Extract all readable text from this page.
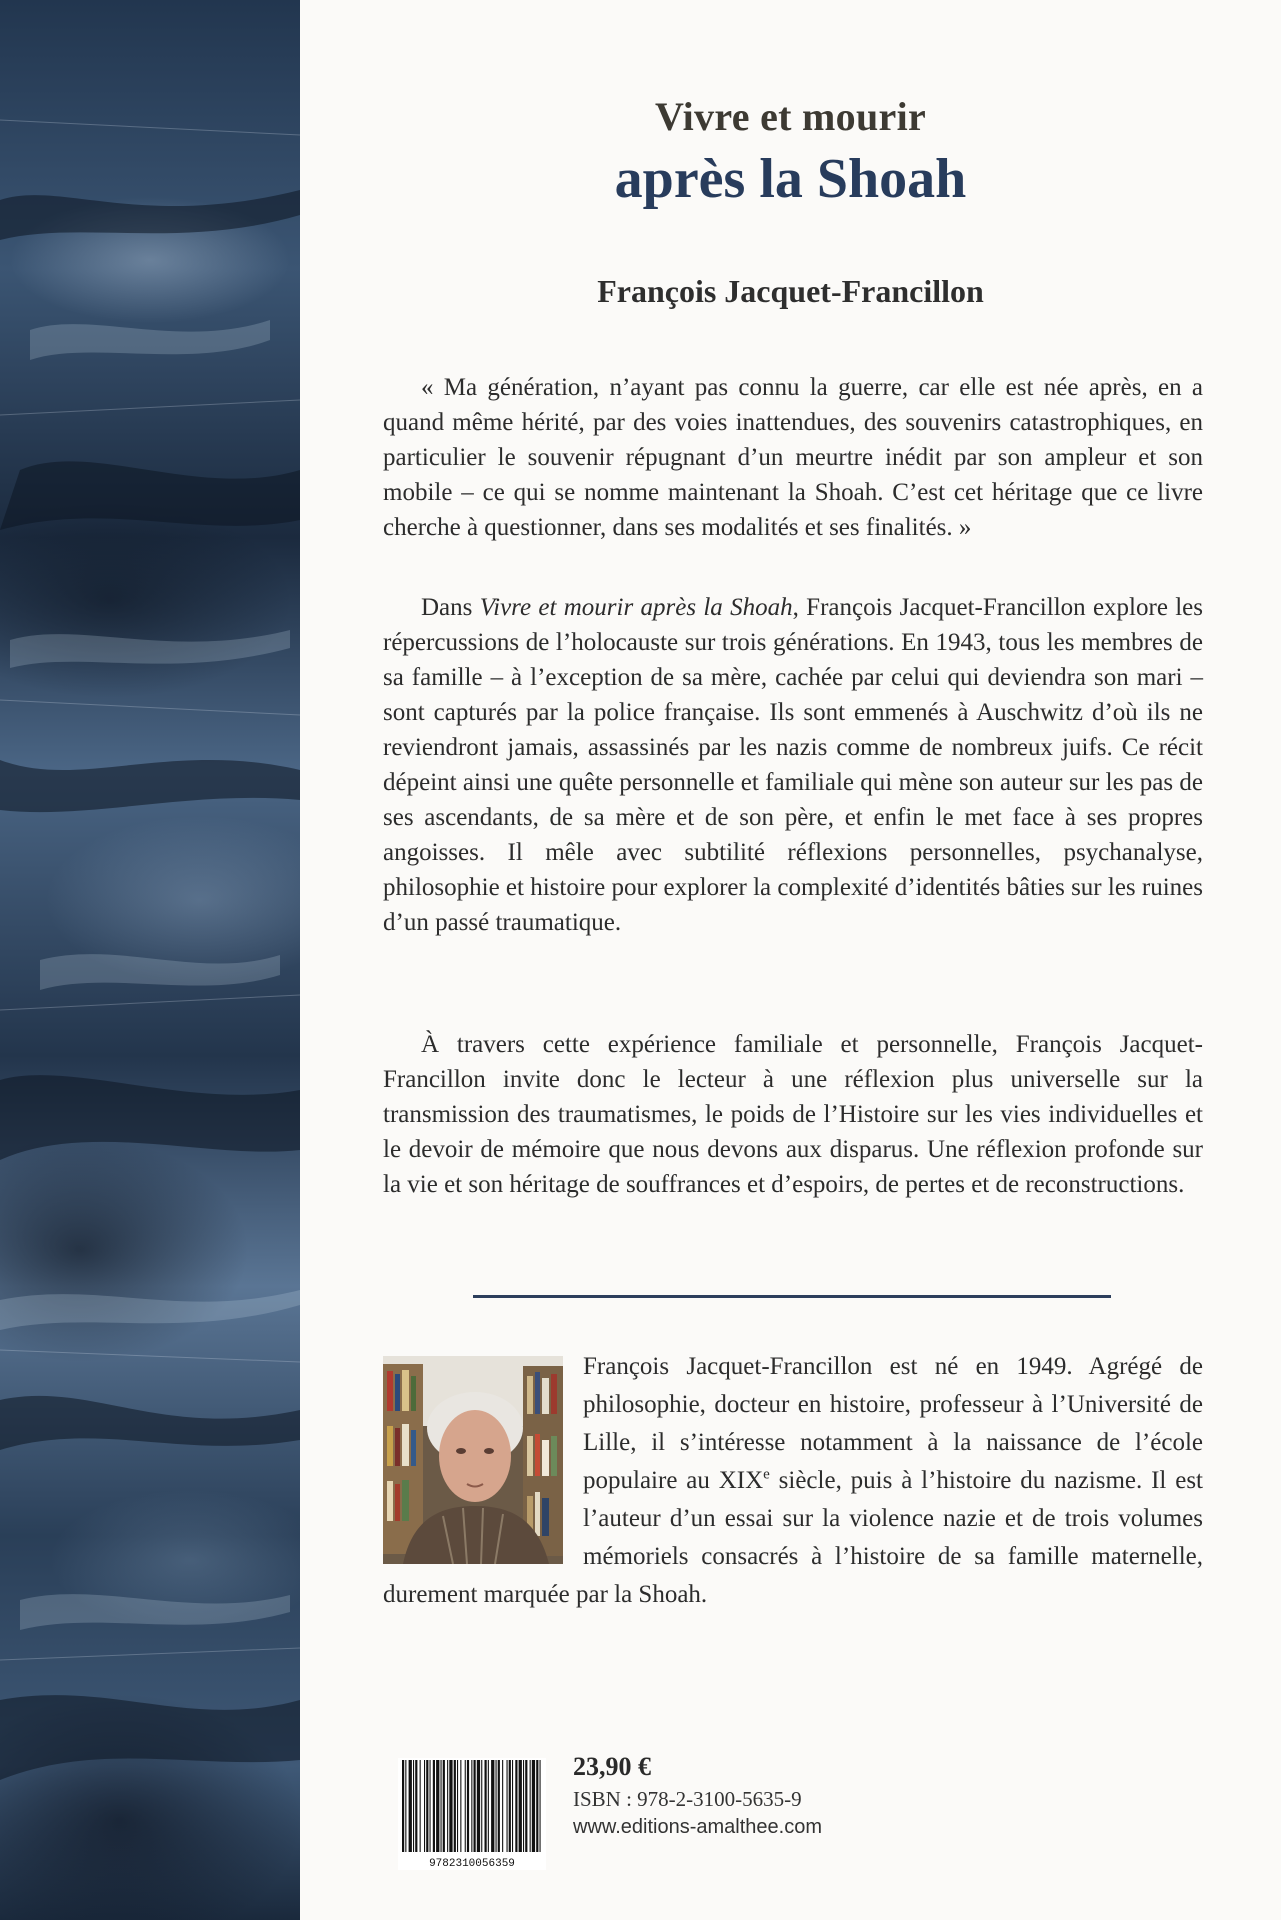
Vivre et mourir
après la Shoah
François Jacquet-Francillon

« Ma génération, n’ayant pas connu la guerre, car elle est née après, en a quand même hérité, par des voies inattendues, des souvenirs catastrophiques, en particulier le souvenir répugnant d’un meurtre inédit par son ampleur et son mobile – ce qui se nomme maintenant la Shoah. C’est cet héritage que ce livre cherche à questionner, dans ses modalités et ses finalités. »

Dans Vivre et mourir après la Shoah, François Jacquet-Francillon explore les répercussions de l’holocauste sur trois générations. En 1943, tous les membres de sa famille – à l’exception de sa mère, cachée par celui qui deviendra son mari – sont capturés par la police française. Ils sont emmenés à Auschwitz d’où ils ne reviendront jamais, assassinés par les nazis comme de nombreux juifs. Ce récit dépeint ainsi une quête personnelle et familiale qui mène son auteur sur les pas de ses ascendants, de sa mère et de son père, et enfin le met face à ses propres angoisses. Il mêle avec subtilité réflexions personnelles, psychanalyse, philosophie et histoire pour explorer la complexité d’identités bâties sur les ruines d’un passé traumatique.

À travers cette expérience familiale et personnelle, François Jacquet-Francillon invite donc le lecteur à une réflexion plus universelle sur la transmission des traumatismes, le poids de l’Histoire sur les vies individuelles et le devoir de mémoire que nous devons aux disparus. Une réflexion profonde sur la vie et son héritage de souffrances et d’espoirs, de pertes et de reconstructions.

François Jacquet-Francillon est né en 1949. Agrégé de philosophie, docteur en histoire, professeur à l’Université de Lille, il s’intéresse notamment à la naissance de l’école populaire au XIXe siècle, puis à l’histoire du nazisme. Il est l’auteur d’un essai sur la violence nazie et de trois volumes mémoriels consacrés à l’histoire de sa famille maternelle, durement marquée par la Shoah.
9782310056359
23,90 €
ISBN : 978-2-3100-5635-9
www.editions-amalthee.com
